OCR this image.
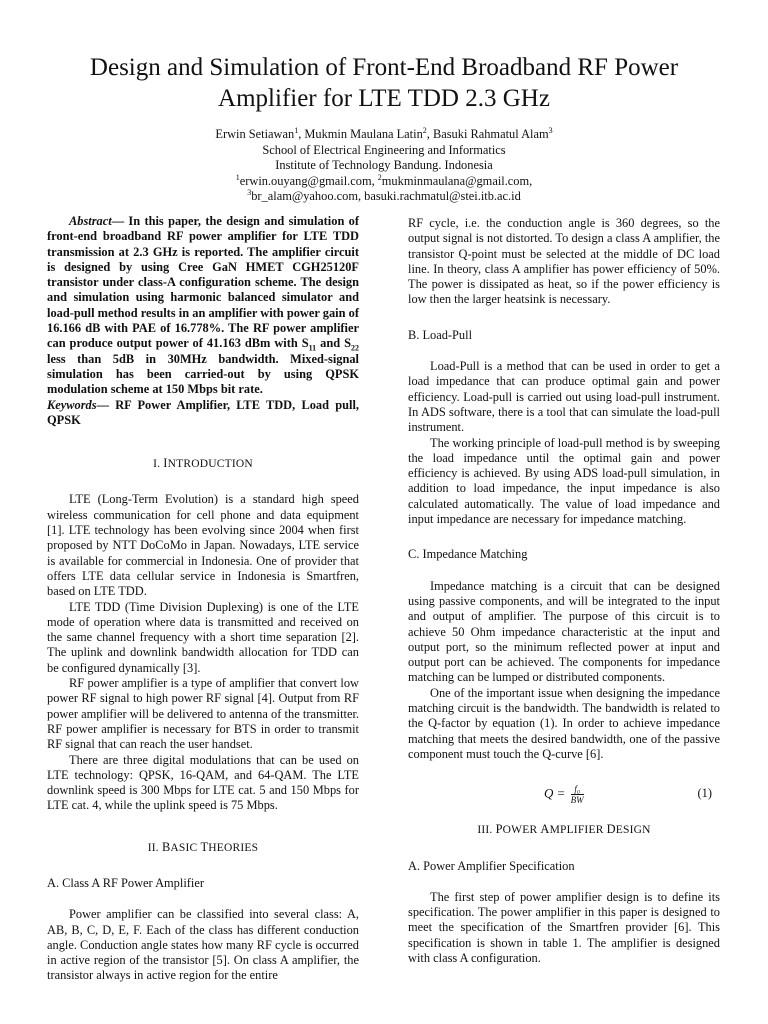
Design and Simulation of Front-End Broadband RF Power
Amplifier for LTE TDD 2.3 GHz
Erwin Setiawan$^1$, Mukmin Maulana Latin$^2$, Basuki Rahmatul Alam$^3$
School of Electrical Engineering and Informatics
Institute of Technology Bandung. Indonesia
$^1$erwin.ouyang@gmail.com, $^2$mukminmaulana@gmail.com,
$^3$br_alam@yahoo.com, basuki.rachmatul@stei.itb.ac.id

Abstract— In this paper, the design and simulation of front-end broadband RF power amplifier for LTE TDD transmission at 2.3 GHz is reported. The amplifier circuit is designed by using Cree GaN HMET CGH25120F transistor under class-A configuration scheme. The design and simulation using harmonic balanced simulator and load-pull method results in an amplifier with power gain of 16.166 dB with PAE of 16.778%. The RF power amplifier can produce output power of 41.163 dBm with $S_{11}$ and $S_{22}$ less than 5dB in 30MHz bandwidth. Mixed-signal simulation has been carried-out by using QPSK modulation scheme at 150 Mbps bit rate.

Keywords— RF Power Amplifier, LTE TDD, Load pull, QPSK

I. INTRODUCTION

LTE (Long-Term Evolution) is a standard high speed wireless communication for cell phone and data equipment [1]. LTE technology has been evolving since 2004 when first proposed by NTT DoCoMo in Japan. Nowadays, LTE service is available for commercial in Indonesia. One of provider that offers LTE data cellular service in Indonesia is Smartfren, based on LTE TDD.

LTE TDD (Time Division Duplexing) is one of the LTE mode of operation where data is transmitted and received on the same channel frequency with a short time separation [2]. The uplink and downlink bandwidth allocation for TDD can be configured dynamically [3].

RF power amplifier is a type of amplifier that convert low power RF signal to high power RF signal [4]. Output from RF power amplifier will be delivered to antenna of the transmitter. RF power amplifier is necessary for BTS in order to transmit RF signal that can reach the user handset.

There are three digital modulations that can be used on LTE technology: QPSK, 16-QAM, and 64-QAM. The LTE downlink speed is 300 Mbps for LTE cat. 5 and 150 Mbps for LTE cat. 4, while the uplink speed is 75 Mbps.

II. BASIC THEORIES
A. Class A RF Power Amplifier

Power amplifier can be classified into several class: A, AB, B, C, D, E, F. Each of the class has different conduction angle. Conduction angle states how many RF cycle is occurred in active region of the transistor [5]. On class A amplifier, the transistor always in active region for the entire

RF cycle, i.e. the conduction angle is 360 degrees, so the output signal is not distorted. To design a class A amplifier, the transistor Q-point must be selected at the middle of DC load line. In theory, class A amplifier has power efficiency of 50%. The power is dissipated as heat, so if the power efficiency is low then the larger heatsink is necessary.

B. Load-Pull

Load-Pull is a method that can be used in order to get a load impedance that can produce optimal gain and power efficiency. Load-pull is carried out using load-pull instrument. In ADS software, there is a tool that can simulate the load-pull instrument.

The working principle of load-pull method is by sweeping the load impedance until the optimal gain and power efficiency is achieved. By using ADS load-pull simulation, in addition to load impedance, the input impedance is also calculated automatically. The value of load impedance and input impedance are necessary for impedance matching.

C. Impedance Matching

Impedance matching is a circuit that can be designed using passive components, and will be integrated to the input and output of amplifier. The purpose of this circuit is to achieve 50 Ohm impedance characteristic at the input and output port, so the minimum reflected power at input and output port can be achieved. The components for impedance matching can be lumped or distributed components.

One of the important issue when designing the impedance matching circuit is the bandwidth. The bandwidth is related to the Q-factor by equation (1). In order to achieve impedance matching that meets the desired bandwidth, one of the passive component must touch the Q-curve [6].

$Q = \frac{\text{f₀}}{BW}$	(1)
III. POWER AMPLIFIER DESIGN
A. Power Amplifier Specification

The first step of power amplifier design is to define its specification. The power amplifier in this paper is designed to meet the specification of the Smartfren provider [6]. This specification is shown in table 1. The amplifier is designed with class A configuration.
